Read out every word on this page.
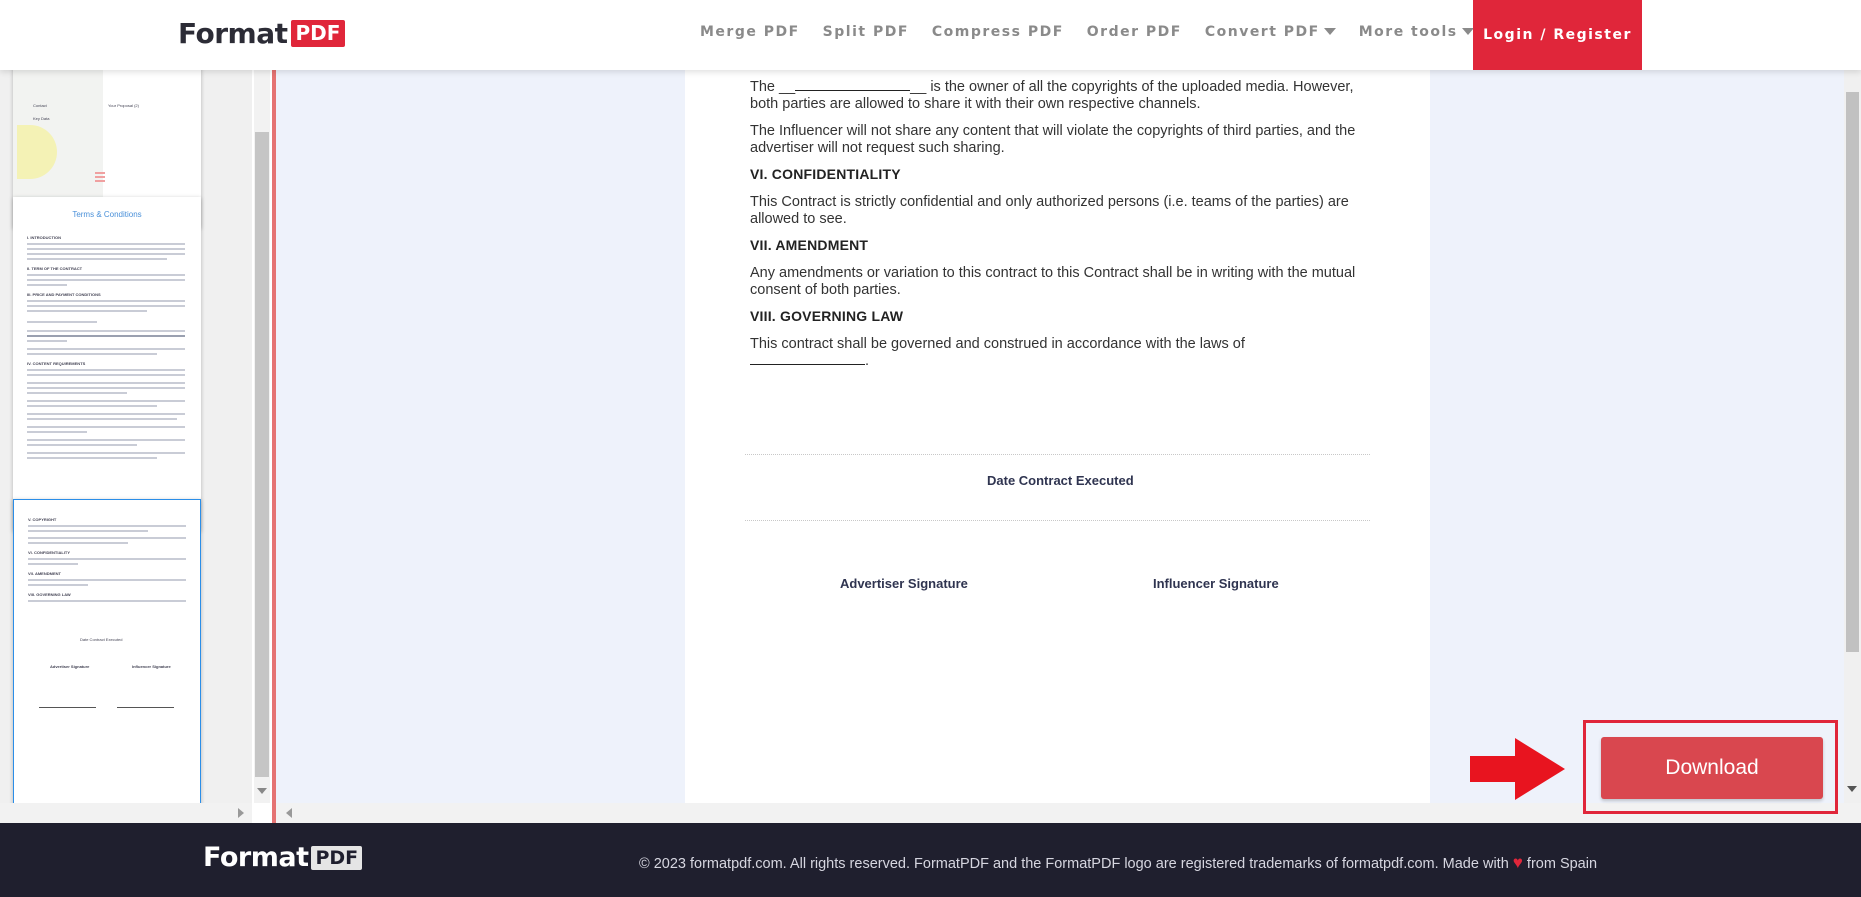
Format PDF	Merge PDF Split PDF Compress PDF Order PDF Convert PDF	More tools Login / Register
Contact
Key Data
Your Proposal (2)
Terms & Conditions
I. INTRODUCTION
II. TERM OF THE CONTRACT
III. PRICE AND PAYMENT CONDITIONS
IV. CONTENT REQUIREMENTS
V. COPYRIGHT
VI. CONFIDENTIALITY
VII. AMENDMENT
VIII. GOVERNING LAW
Date Contract Executed
Advertiser Signature	Influencer Signature
The __	__ is the owner of all the copyrights of the uploaded media. However, both parties are allowed to share it with their own respective channels.
The Influencer will not share any content that will violate the copyrights of third parties, and the advertiser will not request such sharing.
VI. CONFIDENTIALITY
This Contract is strictly confidential and only authorized persons (i.e. teams of the parties) are allowed to see.
VII. AMENDMENT
Any amendments or variation to this contract to this Contract shall be in writing with the mutual consent of both parties.
VIII. GOVERNING LAW
This contract shall be governed and construed in accordance with the laws of .
Date Contract Executed
Advertiser Signature	Influencer Signature
Download
Format PDF	© 2023 formatpdf.com. All rights reserved. FormatPDF and the FormatPDF logo are registered trademarks of formatpdf.com. Made with ♥ from Spain
